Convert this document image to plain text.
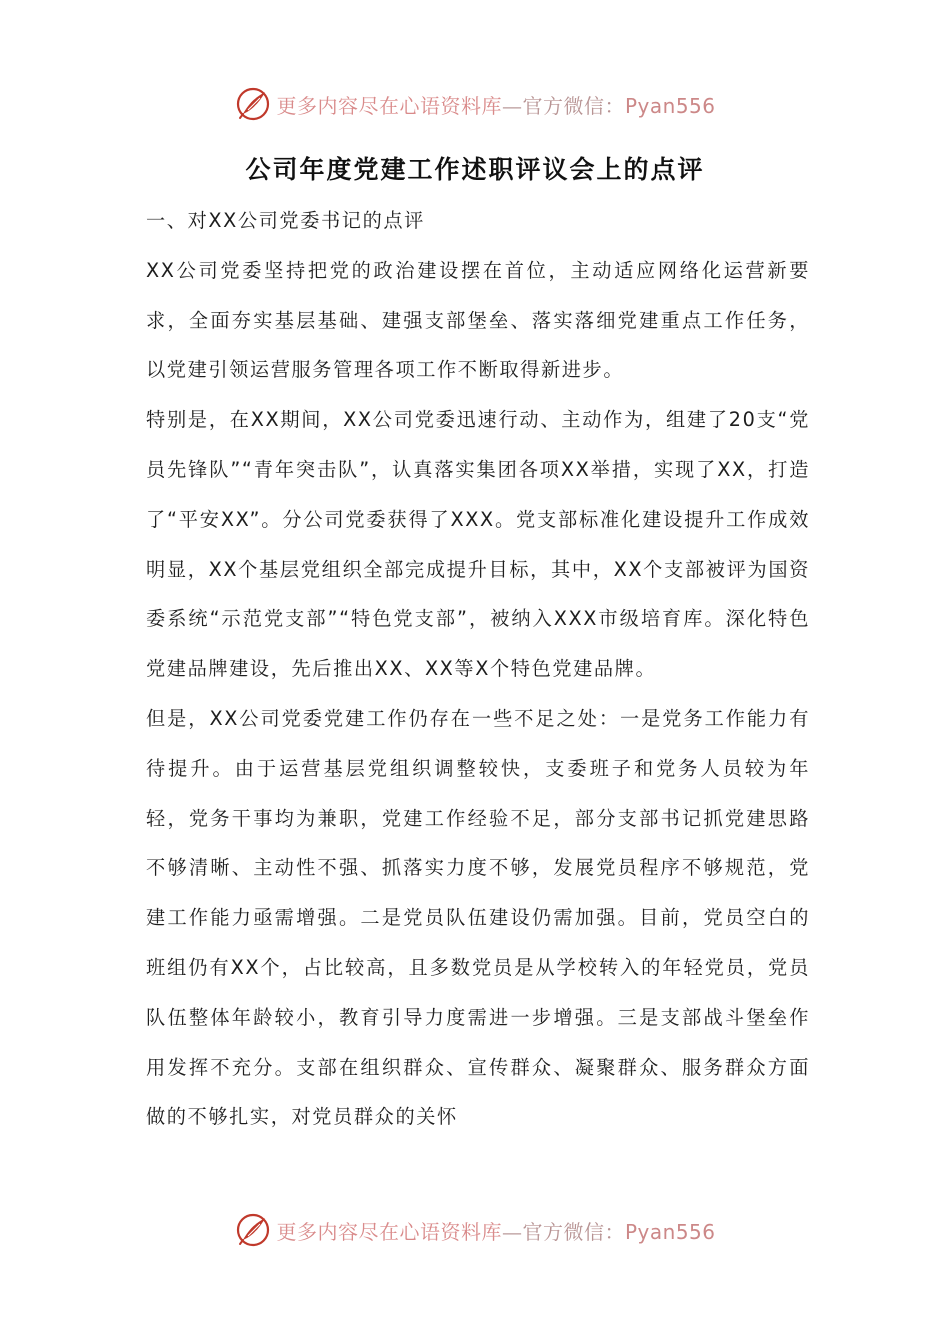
更多内容尽在心语资料库—官方微信：Pyan556
公司年度党建工作述职评议会上的点评

一、对XX公司党委书记的点评

XX公司党委坚持把党的政治建设摆在首位，主动适应网络化运营新要求，全面夯实基层基础、建强支部堡垒、落实落细党建重点工作任务，以党建引领运营服务管理各项工作不断取得新进步。

特别是，在XX期间，XX公司党委迅速行动、主动作为，组建了20支“党员先锋队”“青年突击队”，认真落实集团各项XX举措，实现了XX，打造了“平安XX”。分公司党委获得了XXX。党支部标准化建设提升工作成效明显，XX个基层党组织全部完成提升目标，其中，XX个支部被评为国资委系统“示范党支部”“特色党支部”，被纳入XXX市级培育库。深化特色党建品牌建设，先后推出XX、XX等X个特色党建品牌。

但是，XX公司党委党建工作仍存在一些不足之处：一是党务工作能力有待提升。由于运营基层党组织调整较快，支委班子和党务人员较为年轻，党务干事均为兼职，党建工作经验不足，部分支部书记抓党建思路不够清晰、主动性不强、抓落实力度不够，发展党员程序不够规范，党建工作能力亟需增强。二是党员队伍建设仍需加强。目前，党员空白的班组仍有XX个，占比较高，且多数党员是从学校转入的年轻党员，党员队伍整体年龄较小，教育引导力度需进一步增强。三是支部战斗堡垒作用发挥不充分。支部在组织群众、宣传群众、凝聚群众、服务群众方面做的不够扎实，对党员群众的关怀

更多内容尽在心语资料库—官方微信：Pyan556
